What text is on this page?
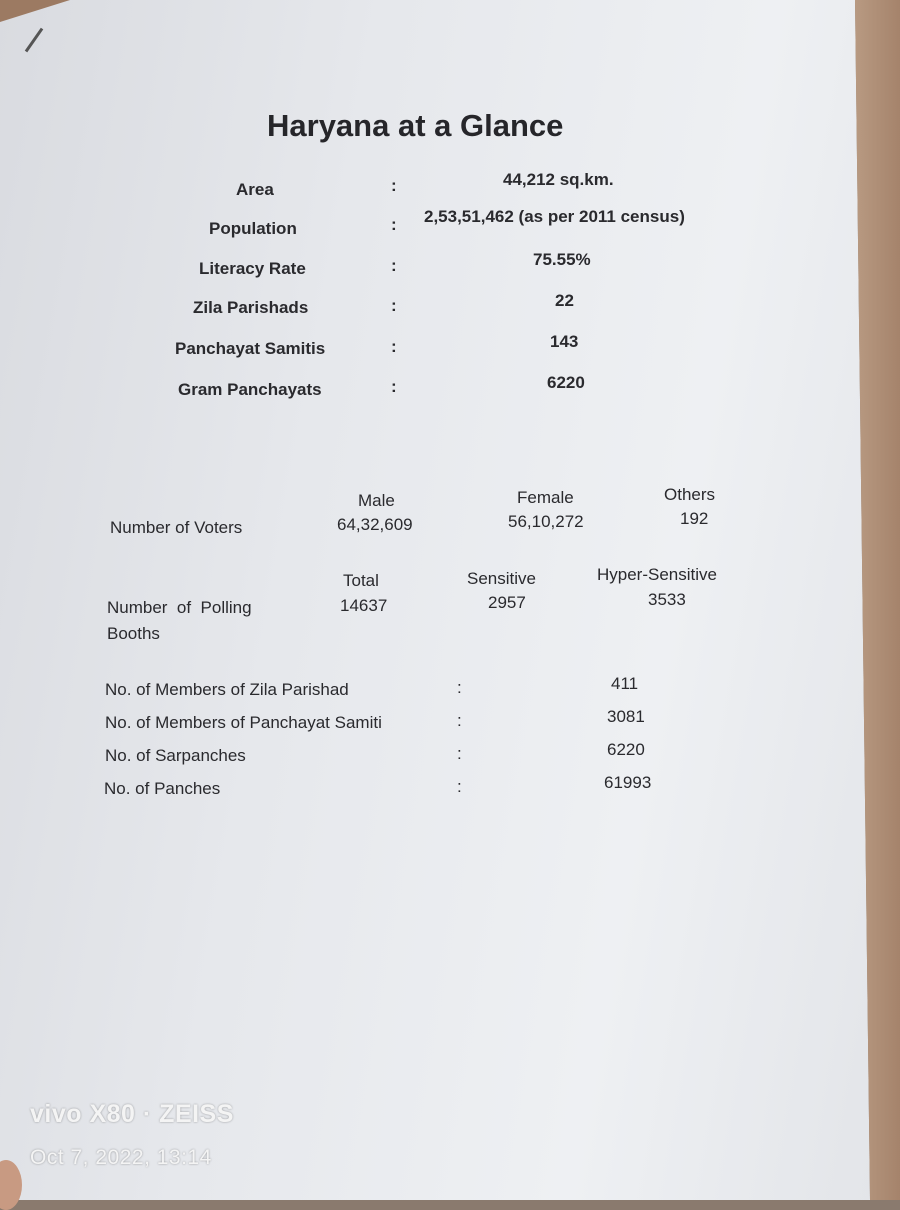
Haryana at a Glance
Area	:	44,212 sq.km.
Population	: 2,53,51,462 (as per 2011 census)
Literacy Rate	:	75.55%
Zila Parishads	:	22
Panchayat Samitis	:	143
Gram Panchayats	:	6220
Male	Female	Others
Number of Voters	64,32,609	56,10,272	192
Total	Sensitive	Hyper-Sensitive
Number  of  Polling	14637	2957	3533
Booths
No. of Members of Zila Parishad	:	411
No. of Members of Panchayat Samiti	:	3081
No. of Sarpanches	:	6220
No. of Panches	:	61993
vivo X80 · ZEISS
Oct 7, 2022, 13:14
